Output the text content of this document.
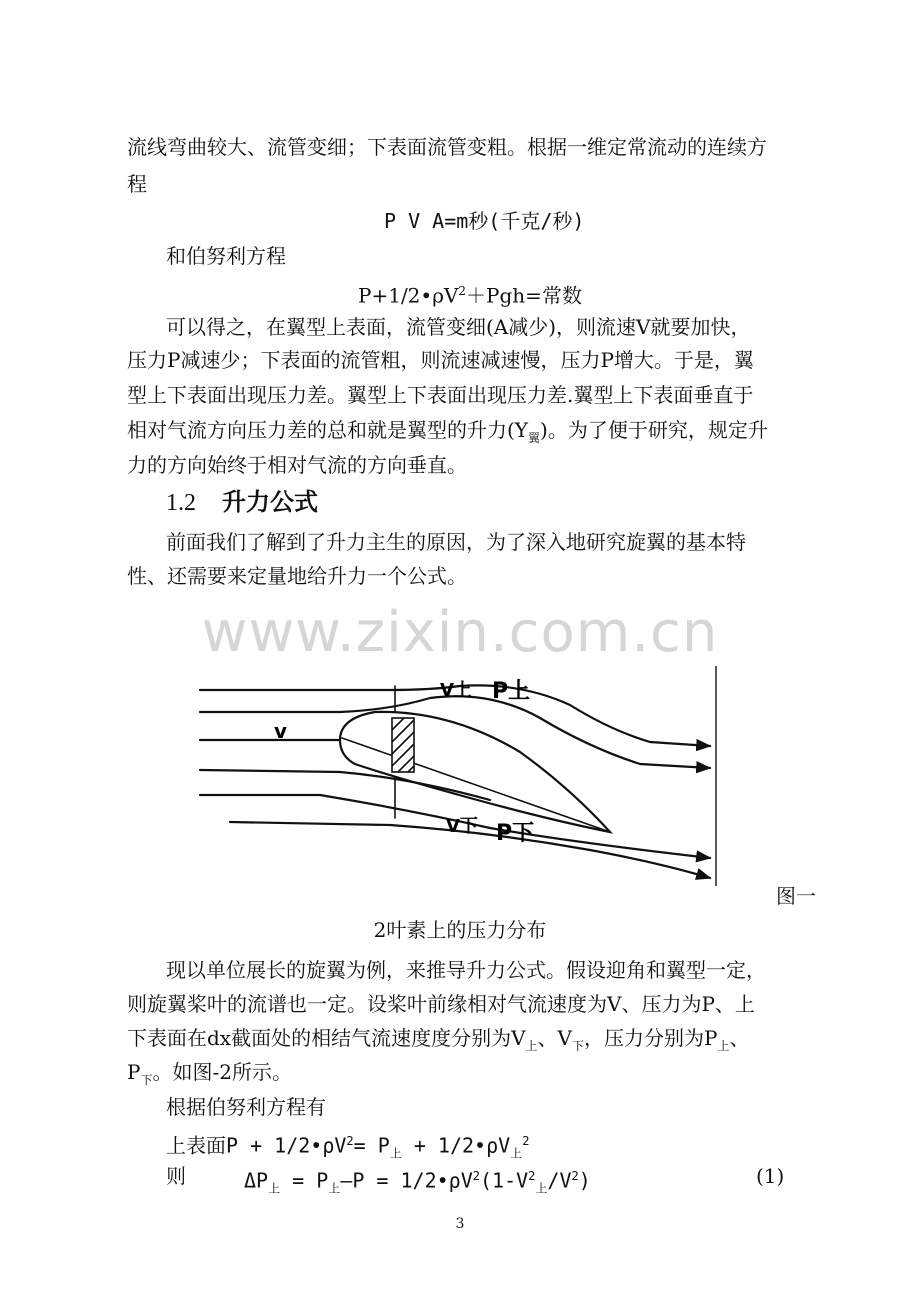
流线弯曲较大、流管变细；下表面流管变粗。根据一维定常流动的连续方
程
P V A=m秒(千克/秒)
和伯努利方程
$P+1/2•\rho V^2+Pgh=$常数
可以得之，在翼型上表面，流管变细(A减少)，则流速V就要加快，
压力P减速少；下表面的流管粗，则流速减速慢，压力P增大。于是，翼
型上下表面出现压力差。翼型上下表面出现压力差.翼型上下表面垂直于
相对气流方向压力差的总和就是翼型的升力$(Y_翼)$。为了便于研究，规定升
力的方向始终于相对气流的方向垂直。
1.2 升力公式
前面我们了解到了升力主生的原因，为了深入地研究旋翼的基本特
性、还需要来定量地给升力一个公式。
www.zixin.com.cn
v
V上 P上
V下 P下
图一
2叶素上的压力分布
现以单位展长的旋翼为例，来推导升力公式。假设迎角和翼型一定，
则旋翼桨叶的流谱也一定。设桨叶前缘相对气流速度为V、压力为P、上
下表面在dx截面处的相结气流速度度分别为$V_上$、$V_下$，压力分别为$P_上$、
$P_下$。如图-2所示。
根据伯努利方程有
上表面$P + 1/2•\rho V^2= P_上$ + $1/2•\rho V_上^2$
则	$\Delta P_上$ = $P_上—P$ = $1/2•\rho V^2(1-V^2_上/V^2)$	(1)
3
